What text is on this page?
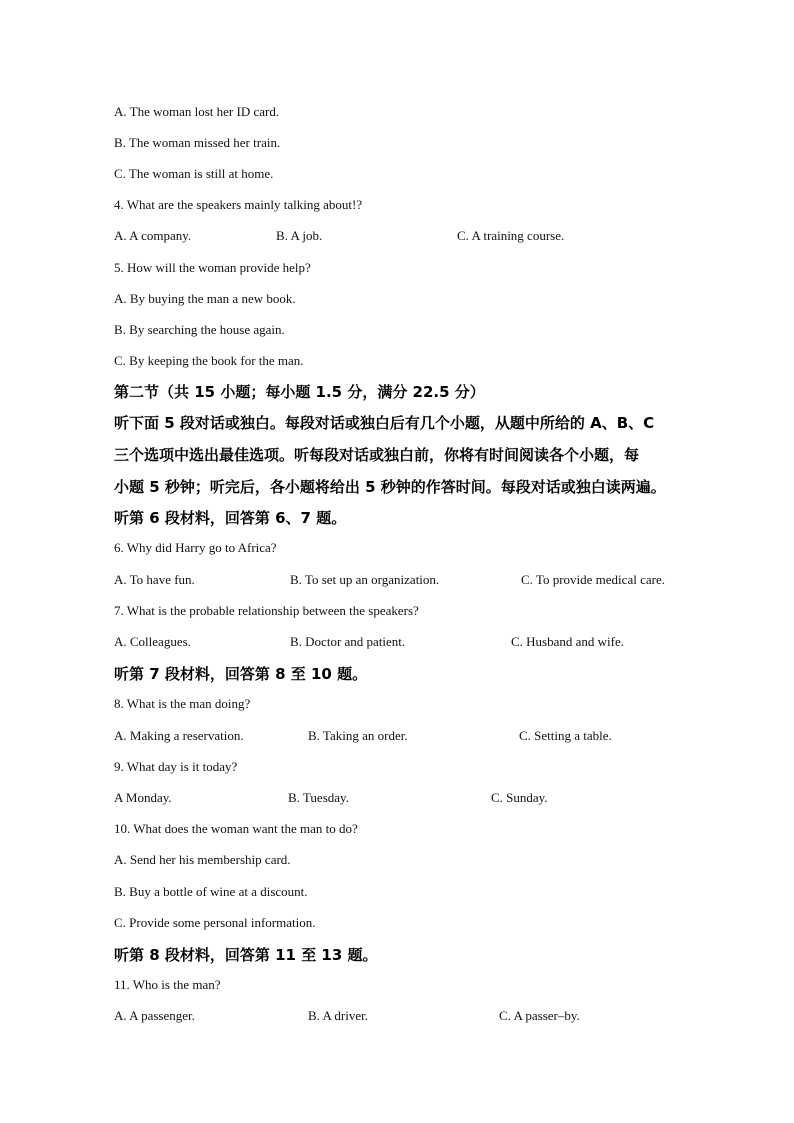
A. The woman lost her ID card.
B. The woman missed her train.
C. The woman is still at home.
4. What are the speakers mainly talking about!?
A. A company.	B. A job.	C. A training course.
5. How will the woman provide help?
A. By buying the man a new book.
B. By searching the house again.
C. By keeping the book for the man.
第二节（共 15 小题；每小题 1.5 分，满分 22.5 分）
听下面 5 段对话或独白。每段对话或独白后有几个小题，从题中所给的 A、B、C
三个选项中选出最佳选项。听每段对话或独白前，你将有时间阅读各个小题，每
小题 5 秒钟；听完后，各小题将给出 5 秒钟的作答时间。每段对话或独白读两遍。
听第 6 段材料，回答第 6、7 题。
6. Why did Harry go to Africa?
A. To have fun.	B. To set up an organization.	C. To provide medical care.
7. What is the probable relationship between the speakers?
A. Colleagues.	B. Doctor and patient.	C. Husband and wife.
听第 7 段材料，回答第 8 至 10 题。
8. What is the man doing?
A. Making a reservation.	B. Taking an order.	C. Setting a table.
9. What day is it today?
A Monday.	B. Tuesday.	C. Sunday.
10. What does the woman want the man to do?
A. Send her his membership card.
B. Buy a bottle of wine at a discount.
C. Provide some personal information.
听第 8 段材料，回答第 11 至 13 题。
11. Who is the man?
A. A passenger.	B. A driver.	C. A passer–by.
